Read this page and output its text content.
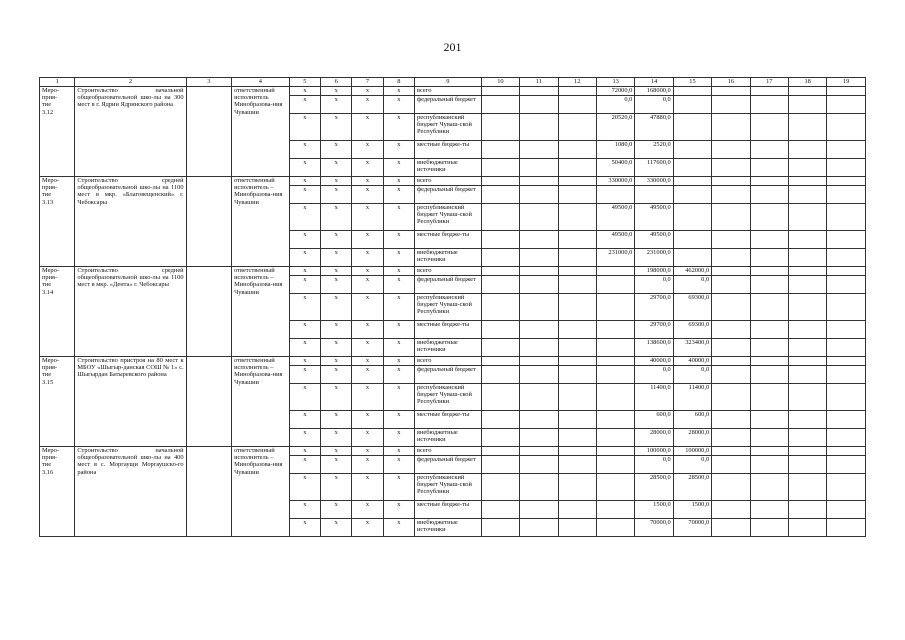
201
1	2	3	4	5	6	7	8	9	10	11	12	13	14	15	16	17	18	19
Меро-
прия-
тие
3.12	Строительство начальной общеобразовательной шко-лы на 300 мест в г. Ядрин Ядринского района		ответственный исполнитель Минобразова-ния Чувашии	х	х	х	х	всего				72000,0	168000,0					
				х	х	х	х	федеральный бюджет				0,0	0,0					
				х	х	х	х	республиканский бюджет Чуваш-ской Республики				20520,0	47880,0					
				х	х	х	х	местные бюдже-ты				1080,0	2520,0					
				х	х	х	х	внебюджетные источники				50400,0	117600,0					
Меро-
прия-
тие
3.13	Строительство средней общеобразовательной шко-лы на 1100 мест в мкр. «Благовещенский» г. Чебоксары		ответственный исполнитель – Минобразова-ния Чувашии	х	х	х	х	всего				330000,0	330000,0					
				х	х	х	х	федеральный бюджет										
				х	х	х	х	республиканский бюджет Чуваш-ской Республики				49500,0	49500,0					
				х	х	х	х	местные бюдже-ты				49500,0	49500,0					
				х	х	х	х	внебюджетные источники				231000,0	231000,0					
Меро-
прия-
тие
3.14	Строительство средней общеобразовательной шко-лы на 1100 мест в мкр. «Дента» г. Чебоксары		ответственный исполнитель – Минобразова-ния Чувашии	х	х	х	х	всего					198000,0	462000,0				
				х	х	х	х	федеральный бюджет					0,0	0,0				
				х	х	х	х	республиканский бюджет Чуваш-ской Республики					29700,0	69300,0				
				х	х	х	х	местные бюдже-ты					29700,0	69300,0				
				х	х	х	х	внебюджетные источники					138600,0	323400,0				
Меро-
прия-
тие
3.15	Строительство пристроя на 80 мест к МБОУ «Шыгыр-данская СОШ № 1» с. Шыгырдан Батыревского района		ответственный исполнитель – Минобразова-ния Чувашии	х	х	х	х	всего					40000,0	40000,0				
				х	х	х	х	федеральный бюджет					0,0	0,0				
				х	х	х	х	республиканский бюджет Чуваш-ской Республики					11400,0	11400,0				
				х	х	х	х	местные бюдже-ты					600,0	600,0				
				х	х	х	х	внебюджетные источники					28000,0	28000,0				
Меро-
прия-
тие
3.16	Строительство начальной общеобразовательной шко-лы на 400 мест в с. Моргаущи Моргаушско-го района		ответственный исполнитель – Минобразова-ния Чувашии	х	х	х	х	всего					100000,0	100000,0				
				х	х	х	х	федеральный бюджет					0,0	0,0				
				х	х	х	х	республиканский бюджет Чуваш-ской Республики					28500,0	28500,0				
				х	х	х	х	местные бюдже-ты					1500,0	1500,0				
				х	х	х	х	внебюджетные источники					70000,0	70000,0				
